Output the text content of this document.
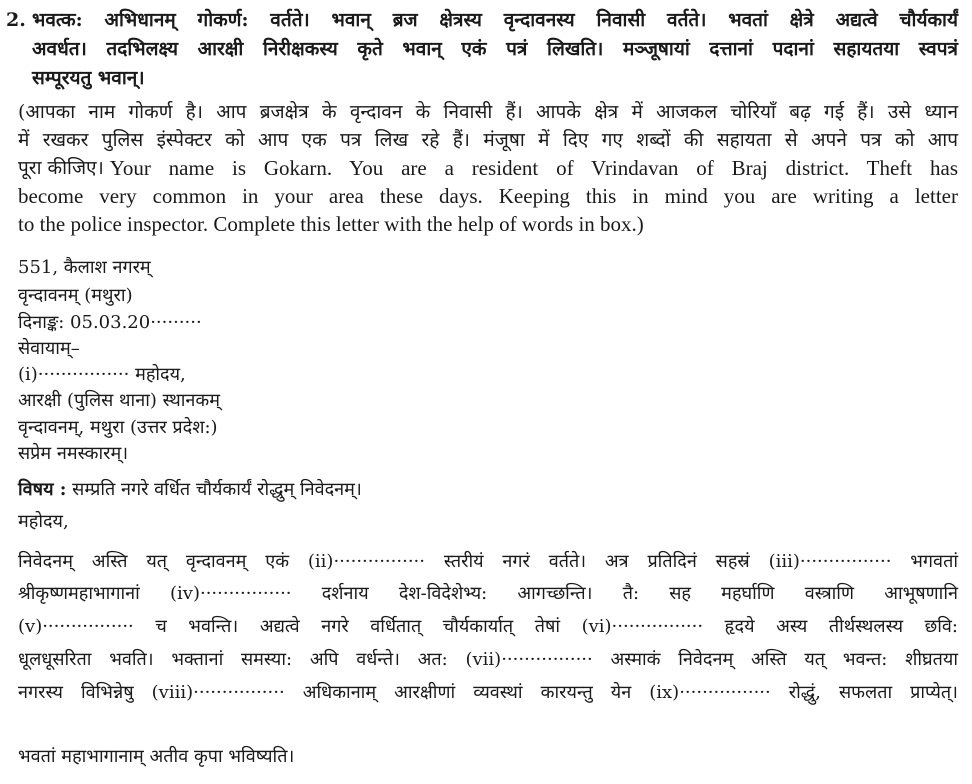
2. भवत्क: अभिधानम् गोकर्ण: वर्तते। भवान् ब्रज क्षेत्रस्य वृन्दावनस्य निवासी वर्तते। भवतां क्षेत्रे अद्यत्वे चौर्यकार्यं
अवर्धत। तदभिलक्ष्य आरक्षी निरीक्षकस्य कृते भवान् एकं पत्रं लिखति। मञ्जूषायां दत्तानां पदानां सहायतया स्वपत्रं
सम्पूरयतु भवान्।
(आपका नाम गोकर्ण है। आप ब्रजक्षेत्र के वृन्दावन के निवासी हैं। आपके क्षेत्र में आजकल चोरियाँ बढ़ गई हैं। उसे ध्यान
में रखकर पुलिस इंस्पेक्टर को आप एक पत्र लिख रहे हैं। मंजूषा में दिए गए शब्दों की सहायता से अपने पत्र को आप
पूरा कीजिए। Your name is Gokarn. You are a resident of Vrindavan of Braj district. Theft has
become very common in your area these days. Keeping this in mind you are writing a letter
to the police inspector. Complete this letter with the help of words in box.)
551, कैलाश नगरम्
वृन्दावनम् (मथुरा)
दिनाङ्क: 05.03.20·········
सेवायाम्–
(i)················ महोदय,
आरक्षी (पुलिस थाना) स्थानकम्
वृन्दावनम्, मथुरा (उत्तर प्रदेश:)
सप्रेम नमस्कारम्।
विषय : सम्प्रति नगरे वर्धित चौर्यकार्यं रोद्धुम् निवेदनम्।
महोदय,
निवेदनम् अस्ति यत् वृन्दावनम् एकं (ii)················ स्तरीयं नगरं वर्तते। अत्र प्रतिदिनं सहस्रं (iii)················ भगवतां
श्रीकृष्णमहाभागानां (iv)················ दर्शनाय देश-विदेशेभ्य: आगच्छन्ति। तै: सह महर्घाणि वस्त्राणि आभूषणानि
(v)················ च भवन्ति। अद्यत्वे नगरे वर्धितात् चौर्यकार्यात् तेषां (vi)················ हृदये अस्य तीर्थस्थलस्य छवि:
धूलधूसरिता भवति। भक्तानां समस्या: अपि वर्धन्ते। अत: (vii)················ अस्माकं निवेदनम् अस्ति यत् भवन्त: शीघ्रतया
नगरस्य विभिन्नेषु (viii)················ अधिकानाम् आरक्षीणां व्यवस्थां कारयन्तु येन (ix)················ रोद्धुं, सफलता प्राप्येत्।
भवतां महाभागानाम् अतीव कृपा भविष्यति।
